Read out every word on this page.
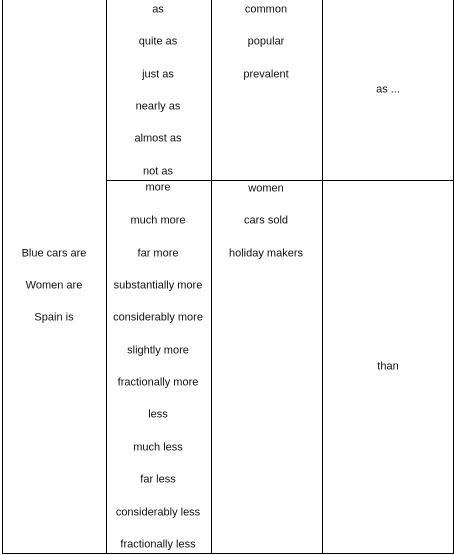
Blue cars are
Women are
Spain is
as
quite as
just as
nearly as
almost as
not as
common
popular
prevalent
as ...
more
much more
far more
substantially more
considerably more
slightly more
fractionally more
less
much less
far less
considerably less
fractionally less
women
cars sold
holiday makers
than
